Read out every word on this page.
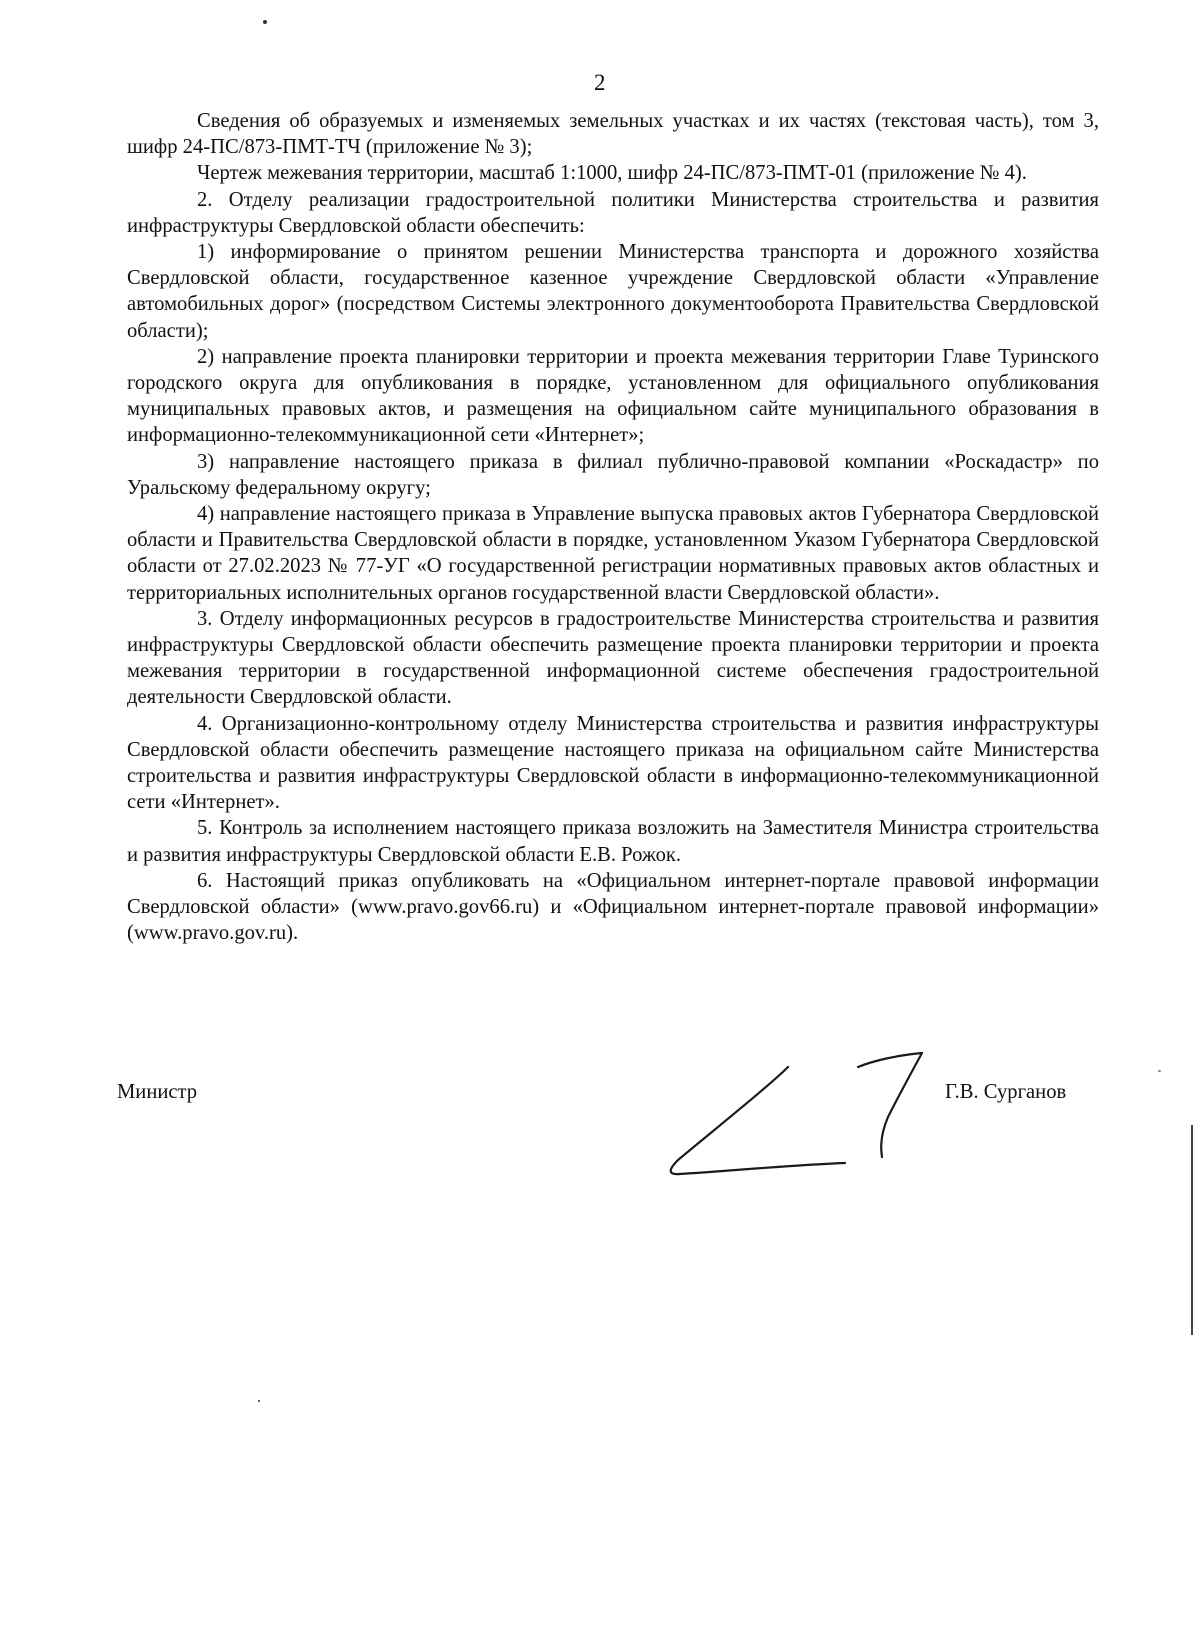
2

Сведения об образуемых и изменяемых земельных участках и их частях (текстовая часть), том 3, шифр 24-ПС/873-ПМТ-ТЧ (приложение № 3);

Чертеж межевания территории, масштаб 1:1000, шифр 24-ПС/873-ПМТ-01 (приложение № 4).

2. Отделу реализации градостроительной политики Министерства строительства и развития инфраструктуры Свердловской области обеспечить:

1) информирование о принятом решении Министерства транспорта и дорожного хозяйства Свердловской области, государственное казенное учреждение Свердловской области «Управление автомобильных дорог» (посредством Системы электронного документооборота Правительства Свердловской области);

2) направление проекта планировки территории и проекта межевания территории Главе Туринского городского округа для опубликования в порядке, установленном для официального опубликования муниципальных правовых актов, и размещения на официальном сайте муниципального образования в информационно-телекоммуникационной сети «Интернет»;

3) направление настоящего приказа в филиал публично-правовой компании «Роскадастр» по Уральскому федеральному округу;

4) направление настоящего приказа в Управление выпуска правовых актов Губернатора Свердловской области и Правительства Свердловской области в порядке, установленном Указом Губернатора Свердловской области от 27.02.2023 № 77-УГ «О государственной регистрации нормативных правовых актов областных и территориальных исполнительных органов государственной власти Свердловской области».

3. Отделу информационных ресурсов в градостроительстве Министерства строительства и развития инфраструктуры Свердловской области обеспечить размещение проекта планировки территории и проекта межевания территории в государственной информационной системе обеспечения градостроительной деятельности Свердловской области.

4. Организационно-контрольному отделу Министерства строительства и развития инфраструктуры Свердловской области обеспечить размещение настоящего приказа на официальном сайте Министерства строительства и развития инфраструктуры Свердловской области в информационно-телекоммуникационной сети «Интернет».

5. Контроль за исполнением настоящего приказа возложить на Заместителя Министра строительства и развития инфраструктуры Свердловской области Е.В. Рожок.

6. Настоящий приказ опубликовать на «Официальном интернет-портале правовой информации Свердловской области» (www.pravo.gov66.ru) и «Официальном интернет-портале правовой информации» (www.pravo.gov.ru).

Министр	Г.В. Сурганов
